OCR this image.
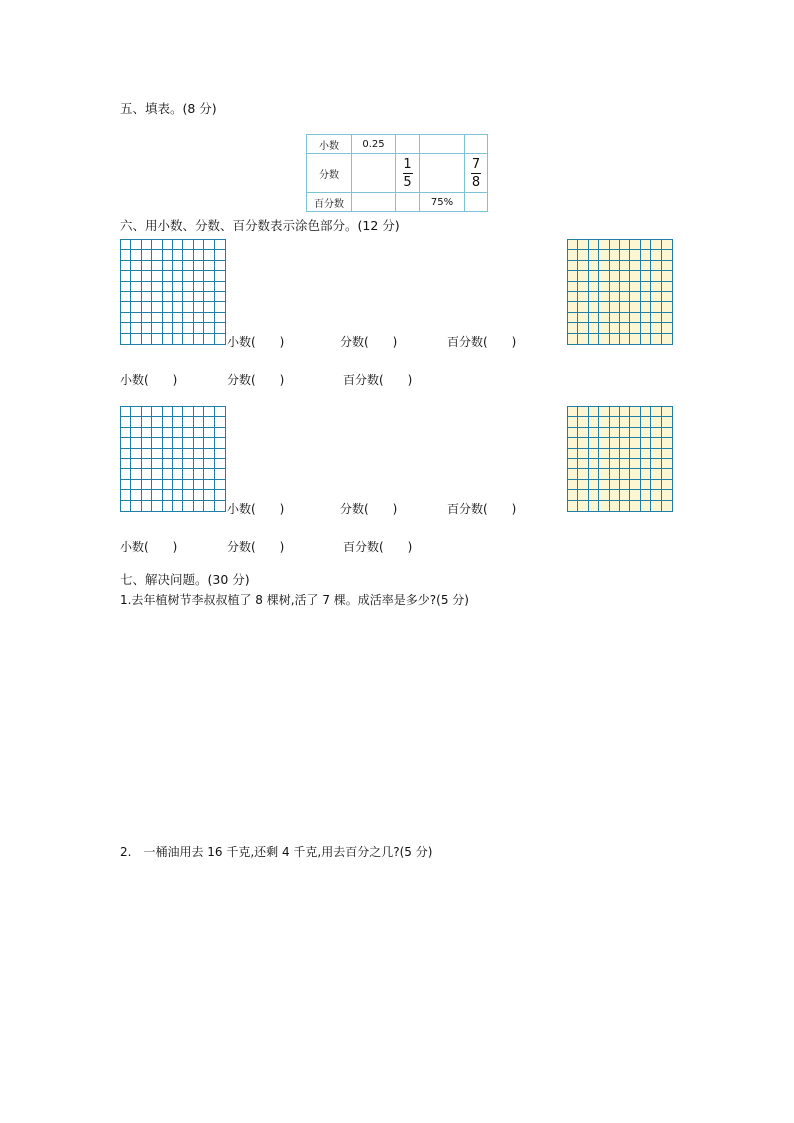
五、填表。(8 分)
小数	0.25			
分数		$\frac{1}{5}$		$\frac{7}{8}$

百分数			75%	
六、用小数、分数、百分数表示涂色部分。(12 分)
小数(　　)	分数(　　)	百分数(　　)
小数(　　)	分数(　　)	百分数(　　)
小数(　　)	分数(　　)	百分数(　　)
小数(　　)	分数(　　)	百分数(　　)
七、解决问题。(30 分)
1.去年植树节李叔叔植了 8 棵树,活了 7 棵。成活率是多少?(5 分)
2.　一桶油用去 16 千克,还剩 4 千克,用去百分之几?(5 分)
